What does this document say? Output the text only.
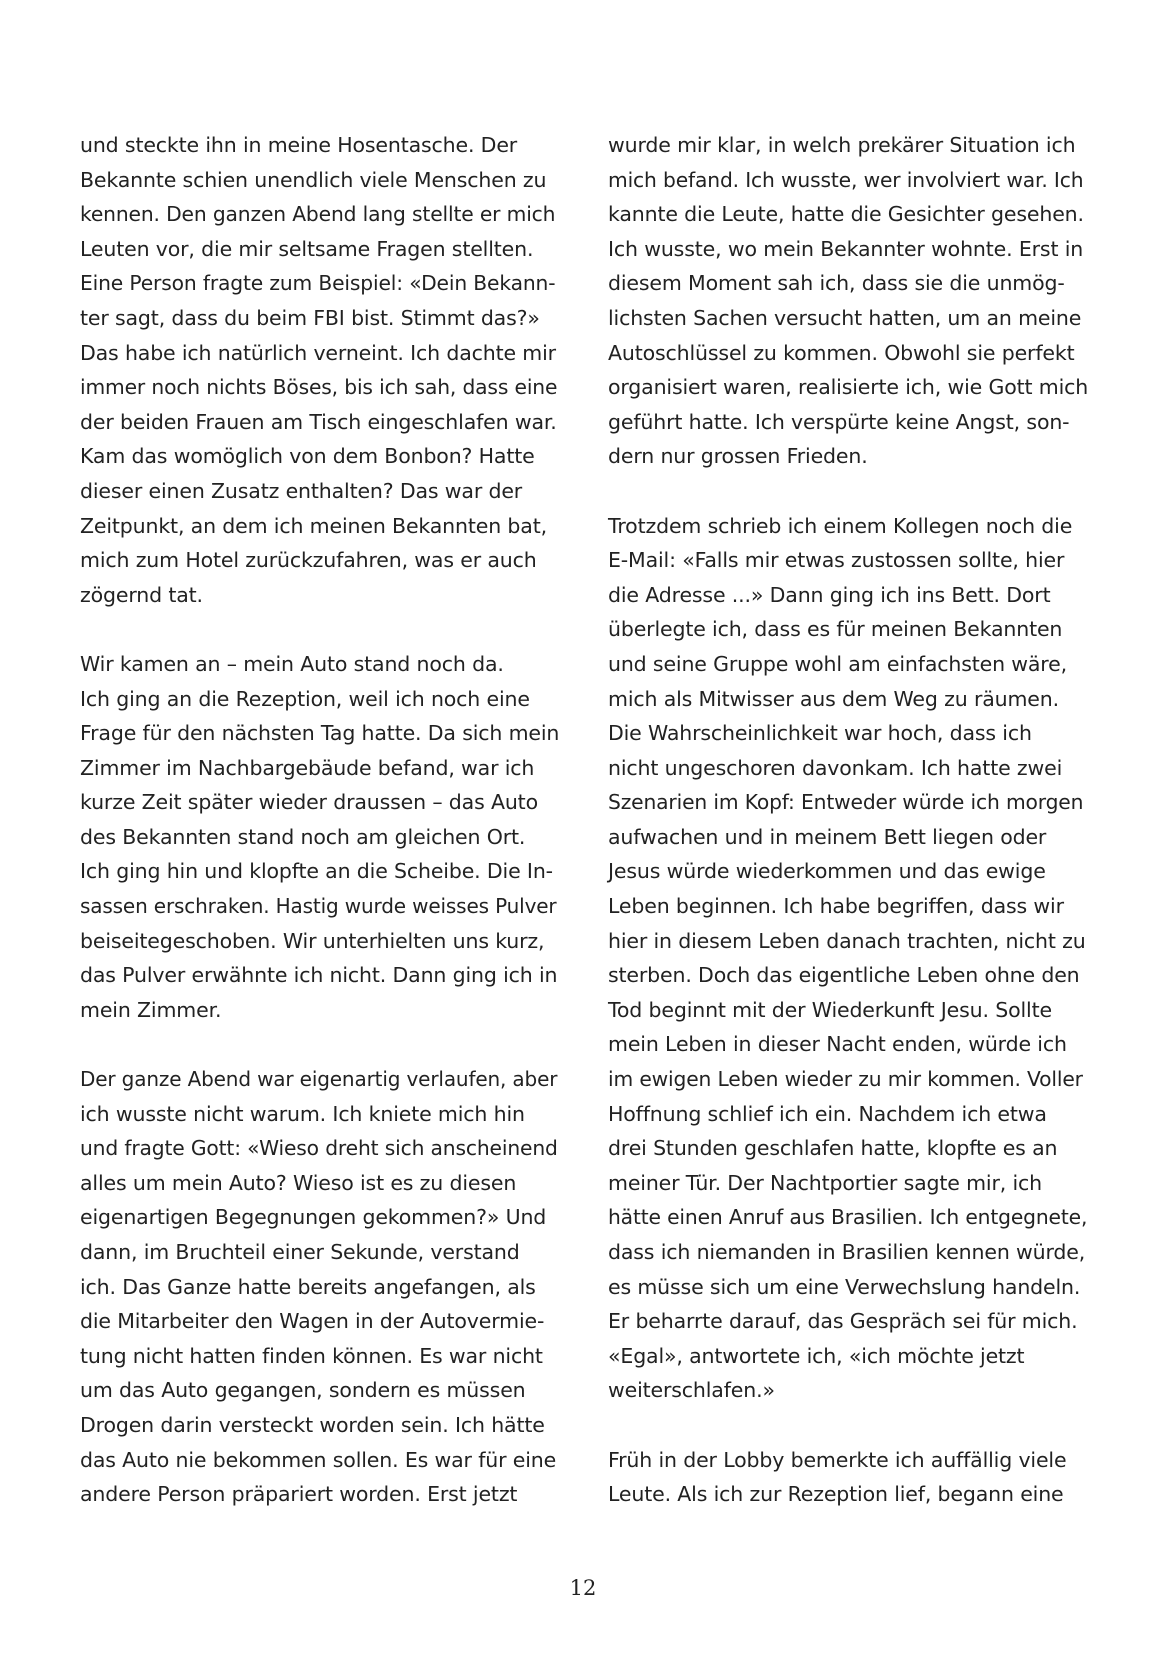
und steckte ihn in meine Hosentasche. Der
Bekannte schien unendlich viele Menschen zu
kennen. Den ganzen Abend lang stellte er mich
Leuten vor, die mir seltsame Fragen stellten.
Eine Person fragte zum Beispiel: «Dein Bekann-
ter sagt, dass du beim FBI bist. Stimmt das?»
Das habe ich natürlich verneint. Ich dachte mir
immer noch nichts Böses, bis ich sah, dass eine
der beiden Frauen am Tisch eingeschlafen war.
Kam das womöglich von dem Bonbon? Hatte
dieser einen Zusatz enthalten? Das war der
Zeitpunkt, an dem ich meinen Bekannten bat,
mich zum Hotel zurückzufahren, was er auch
zögernd tat.
Wir kamen an – mein Auto stand noch da.
Ich ging an die Rezeption, weil ich noch eine
Frage für den nächsten Tag hatte. Da sich mein
Zimmer im Nachbargebäude befand, war ich
kurze Zeit später wieder draussen – das Auto
des Bekannten stand noch am gleichen Ort.
Ich ging hin und klopfte an die Scheibe. Die In-
sassen erschraken. Hastig wurde weisses Pulver
beiseitegeschoben. Wir unterhielten uns kurz,
das Pulver erwähnte ich nicht. Dann ging ich in
mein Zimmer.
Der ganze Abend war eigenartig verlaufen, aber
ich wusste nicht warum. Ich kniete mich hin
und fragte Gott: «Wieso dreht sich anscheinend
alles um mein Auto? Wieso ist es zu diesen
eigenartigen Begegnungen gekommen?» Und
dann, im Bruchteil einer Sekunde, verstand
ich. Das Ganze hatte bereits angefangen, als
die Mitarbeiter den Wagen in der Autovermie-
tung nicht hatten finden können. Es war nicht
um das Auto gegangen, sondern es müssen
Drogen darin versteckt worden sein. Ich hätte
das Auto nie bekommen sollen. Es war für eine
andere Person präpariert worden. Erst jetzt
wurde mir klar, in welch prekärer Situation ich
mich befand. Ich wusste, wer involviert war. Ich
kannte die Leute, hatte die Gesichter gesehen.
Ich wusste, wo mein Bekannter wohnte. Erst in
diesem Moment sah ich, dass sie die unmög-
lichsten Sachen versucht hatten, um an meine
Autoschlüssel zu kommen. Obwohl sie perfekt
organisiert waren, realisierte ich, wie Gott mich
geführt hatte. Ich verspürte keine Angst, son-
dern nur grossen Frieden.
Trotzdem schrieb ich einem Kollegen noch die
E-Mail: «Falls mir etwas zustossen sollte, hier
die Adresse ...» Dann ging ich ins Bett. Dort
überlegte ich, dass es für meinen Bekannten
und seine Gruppe wohl am einfachsten wäre,
mich als Mitwisser aus dem Weg zu räumen.
Die Wahrscheinlichkeit war hoch, dass ich
nicht ungeschoren davonkam. Ich hatte zwei
Szenarien im Kopf: Entweder würde ich morgen
aufwachen und in meinem Bett liegen oder
Jesus würde wiederkommen und das ewige
Leben beginnen. Ich habe begriffen, dass wir
hier in diesem Leben danach trachten, nicht zu
sterben. Doch das eigentliche Leben ohne den
Tod beginnt mit der Wiederkunft Jesu. Sollte
mein Leben in dieser Nacht enden, würde ich
im ewigen Leben wieder zu mir kommen. Voller
Hoffnung schlief ich ein. Nachdem ich etwa
drei Stunden geschlafen hatte, klopfte es an
meiner Tür. Der Nachtportier sagte mir, ich
hätte einen Anruf aus Brasilien. Ich entgegnete,
dass ich niemanden in Brasilien kennen würde,
es müsse sich um eine Verwechslung handeln.
Er beharrte darauf, das Gespräch sei für mich.
«Egal», antwortete ich, «ich möchte jetzt
weiterschlafen.»
Früh in der Lobby bemerkte ich auffällig viele
Leute. Als ich zur Rezeption lief, begann eine
12
